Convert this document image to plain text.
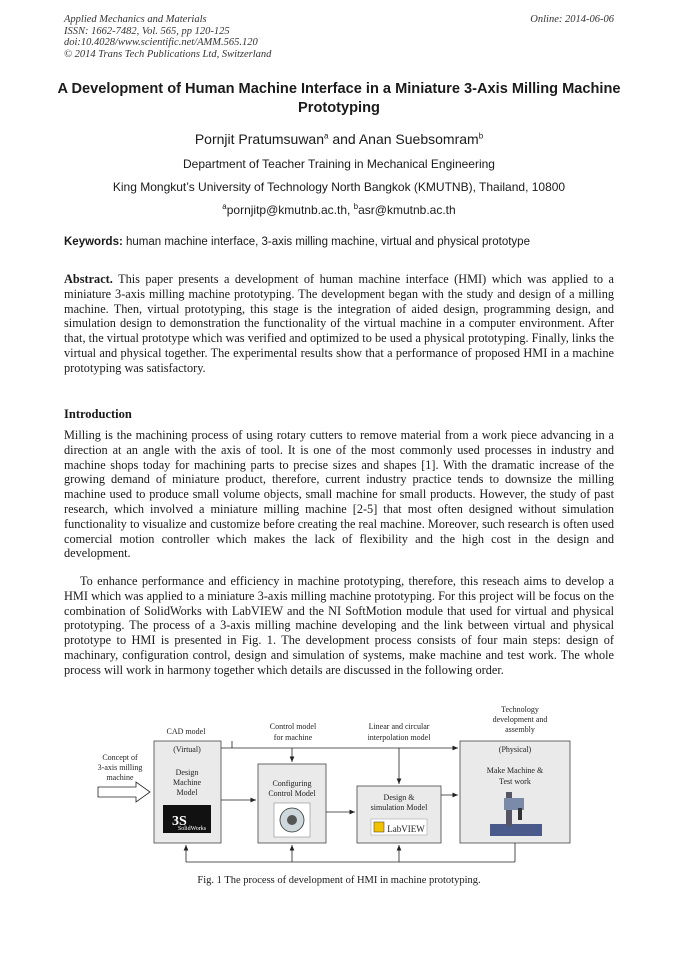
Applied Mechanics and Materials
ISSN: 1662-7482, Vol. 565, pp 120-125
doi:10.4028/www.scientific.net/AMM.565.120
© 2014 Trans Tech Publications Ltd, Switzerland
Online: 2014-06-06
A Development of Human Machine Interface in a Miniature 3-Axis Milling Machine Prototyping
Pornjit Pratumsuwan$^a$ and Anan Suebsomram$^b$
Department of Teacher Training in Mechanical Engineering
King Mongkut’s University of Technology North Bangkok (KMUTNB), Thailand, 10800
$^a$pornjitp@kmutnb.ac.th, $^b$asr@kmutnb.ac.th
Keywords: human machine interface, 3-axis milling machine, virtual and physical prototype
Abstract. This paper presents a development of human machine interface (HMI) which was applied to a miniature 3-axis milling machine prototyping. The development began with the study and design of a milling machine. Then, virtual prototyping, this stage is the integration of aided design, programming design, and simulation design to demonstration the functionality of the virtual machine in a computer environment. After that, the virtual prototype which was verified and optimized to be used a physical prototyping. Finally, links the virtual and physical together. The experimental results show that a performance of proposed HMI in a machine prototyping was satisfactory.
Introduction
Milling is the machining process of using rotary cutters to remove material from a work piece advancing in a direction at an angle with the axis of tool. It is one of the most commonly used processes in industry and machine shops today for machining parts to precise sizes and shapes [1]. With the dramatic increase of the growing demand of miniature product, therefore, current industry practice tends to downsize the milling machine used to produce small volume objects, small machine for small products. However, the study of past research, which involved a miniature milling machine [2-5] that most often designed without simulation functionality to visualize and customize before creating the real machine. Moreover, such research is often used comercial motion controller which makes the lack of flexibility and the high cost in the design and development.
To enhance performance and efficiency in machine prototyping, therefore, this reseach aims to develop a HMI which was applied to a miniature 3-axis milling machine prototyping. For this project will be focus on the combination of SolidWorks with LabVIEW and the NI SoftMotion module that used for virtual and physical prototyping. The process of a 3-axis milling machine developing and the link between virtual and physical prototype to HMI is presented in Fig. 1. The development process consists of four main steps: design of machinary, configuration control, design and simulation of systems, make machine and test work. The whole process will work in harmony together which details are discussed in the following order.
CAD model
Control model
for machine
Linear and circular
interpolation model
Technology
development and
assembly
Concept of
3-axis milling
machine
(Virtual)
Design
Machine
Model
3S
SolidWorks
Configuring
Control Model	Design &
simulation Model
LabVIEW
(Physical)
Make Machine &
Test work
Fig. 1 The process of development of HMI in machine prototyping.
